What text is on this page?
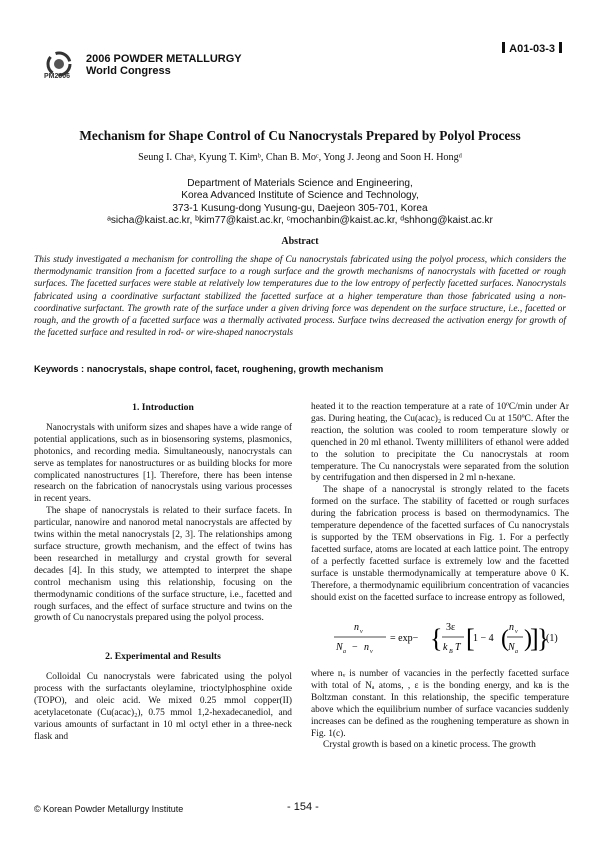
PM2006
2006 POWDER METALLURGY
World Congress
A01-03-3
Mechanism for Shape Control of Cu Nanocrystals Prepared by Polyol Process
Seung I. Chaᵃ, Kyung T. Kimᵇ, Chan B. Moᶜ, Yong J. Jeong and Soon H. Hongᵈ
Department of Materials Science and Engineering,
Korea Advanced Institute of Science and Technology,
373-1 Kusung-dong Yusung-gu, Daejeon 305-701, Korea
ᵃsicha@kaist.ac.kr, ᵇkim77@kaist.ac.kr, ᶜmochanbin@kaist.ac.kr, ᵈshhong@kaist.ac.kr
Abstract
This study investigated a mechanism for controlling the shape of Cu nanocrystals fabricated using the polyol process, which considers the thermodynamic transition from a facetted surface to a rough surface and the growth mechanisms of nanocrystals with facetted or rough surfaces. The facetted surfaces were stable at relatively low temperatures due to the low entropy of perfectly facetted surfaces. Nanocrystals fabricated using a coordinative surfactant stabilized the facetted surface at a higher temperature than those fabricated using a non-coordinative surfactant. The growth rate of the surface under a given driving force was dependent on the surface structure, i.e., facetted or rough, and the growth of a facetted surface was a thermally activated process. Surface twins decreased the activation energy for growth of the facetted surface and resulted in rod- or wire-shaped nanocrystals
Keywords : nanocrystals, shape control, facet, roughening, growth mechanism
1. Introduction

Nanocrystals with uniform sizes and shapes have a wide range of potential applications, such as in biosensoring systems, plasmonics, photonics, and recording media. Simultaneously, nanocrystals can serve as templates for nanostructures or as building blocks for more complicated nanostructures [1]. Therefore, there has been intense research on the fabrication of nanocrystals using various processes in recent years.

The shape of nanocrystals is related to their surface facets. In particular, nanowire and nanorod metal nanocrystals are affected by twins within the metal nanocrystals [2, 3]. The relationships among surface structure, growth mechanism, and the effect of twins has been researched in metallurgy and crystal growth for several decades [4]. In this study, we attempted to interpret the shape control mechanism using this relationship, focusing on the thermodynamic conditions of the surface structure, i.e., facetted and rough surfaces, and the effect of surface structure and twins on the growth of Cu nanocrystals prepared using the polyol process.

2. Experimental and Results

Colloidal Cu nanocrystals were fabricated using the polyol process with the surfactants oleylamine, trioctylphosphine oxide (TOPO), and oleic acid. We mixed 0.25 mmol copper(II) acetylacetonate (Cu(acac)₂), 0.75 mmol 1,2-hexadecanediol, and various amounts of surfactant in 10 ml octyl ether in a three-neck flask and

heated it to the reaction temperature at a rate of 10ºC/min under Ar gas. During heating, the Cu(acac)₂ is reduced Cu at 150ºC. After the reaction, the solution was cooled to room temperature slowly or quenched in 20 ml ethanol. Twenty milliliters of ethanol were added to the solution to precipitate the Cu nanocrystals at room temperature. The Cu nanocrystals were separated from the solution by centrifugation and then dispersed in 2 ml n-hexane.

The shape of a nanocrystal is strongly related to the facets formed on the surface. The stability of facetted or rough surfaces during the fabrication process is based on thermodynamics. The temperature dependence of the facetted surfaces of Cu nanocrystals is supported by the TEM observations in Fig. 1. For a perfectly facetted surface, atoms are located at each lattice point. The entropy of a perfectly facetted surface is extremely low and the facetted surface is unstable thermodynamically at temperature above 0 K. Therefore, a thermodynamic equilibrium concentration of vacancies should exist on the facetted surface to increase entropy as followed,

n v
N a − n v
= exp− { 3ε
k B T [
1 − 4 ( n v
N a )
]
}
(1)

where nᵥ is number of vacancies in the perfectly facetted surface with total of Nₐ atoms, , ε is the bonding energy, and kʙ is the Boltzman constant. In this relationship, the specific temperature above which the equilibrium number of surface vacancies suddenly increases can be defined as the roughening temperature as shown in Fig. 1(c).

Crystal growth is based on a kinetic process. The growth

© Korean Powder Metallurgy Institute	- 154 -
